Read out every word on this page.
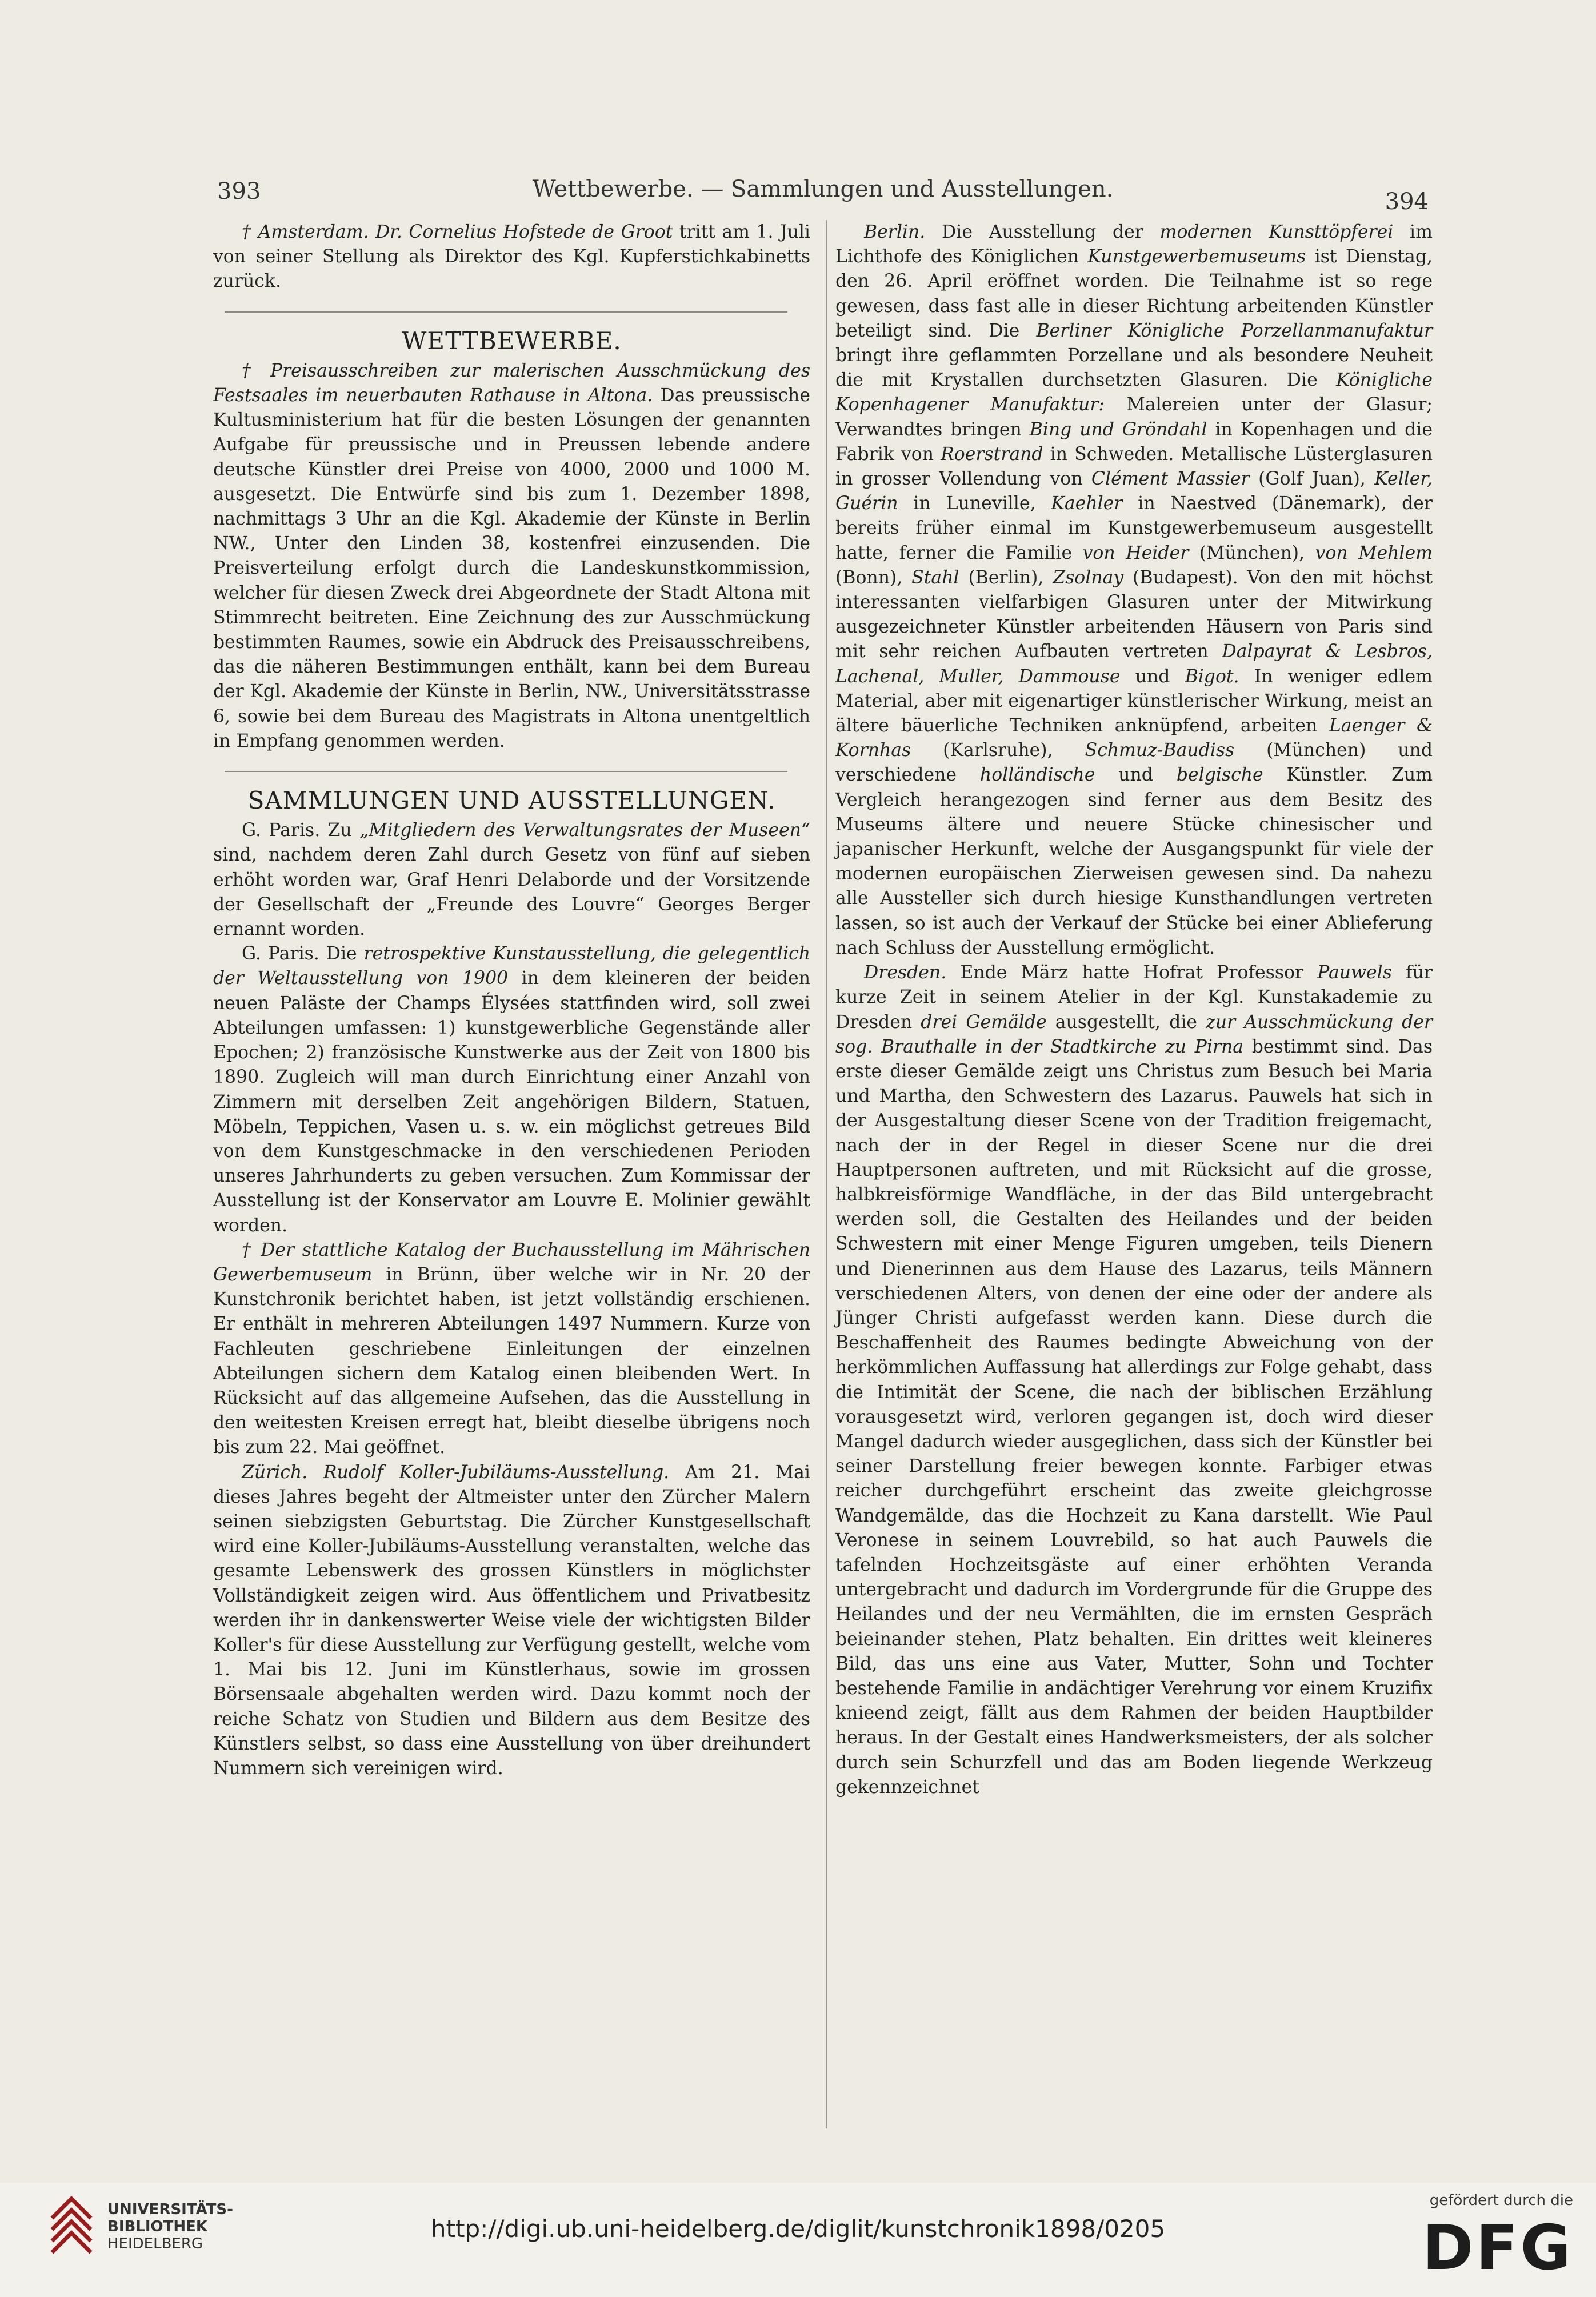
393	Wettbewerbe. — Sammlungen und Ausstellungen.	394

† Amsterdam. Dr. Cornelius Hofstede de Groot tritt am 1. Juli von seiner Stellung als Direktor des Kgl. Kupferstichkabinetts zurück.

WETTBEWERBE.

† Preisausschreiben zur malerischen Ausschmückung des Festsaales im neuerbauten Rathause in Altona. Das preussische Kultusministerium hat für die besten Lösungen der genannten Aufgabe für preussische und in Preussen lebende andere deutsche Künstler drei Preise von 4000, 2000 und 1000 M. ausgesetzt. Die Entwürfe sind bis zum 1. Dezember 1898, nachmittags 3 Uhr an die Kgl. Akademie der Künste in Berlin NW., Unter den Linden 38, kostenfrei einzusenden. Die Preisverteilung erfolgt durch die Landeskunstkommission, welcher für diesen Zweck drei Abgeordnete der Stadt Altona mit Stimmrecht beitreten. Eine Zeichnung des zur Ausschmückung bestimmten Raumes, sowie ein Abdruck des Preisausschreibens, das die näheren Bestimmungen enthält, kann bei dem Bureau der Kgl. Akademie der Künste in Berlin, NW., Universitätsstrasse 6, sowie bei dem Bureau des Magistrats in Altona unentgeltlich in Empfang genommen werden.

SAMMLUNGEN UND AUSSTELLUNGEN.

G. Paris. Zu „Mitgliedern des Verwaltungsrates der Museen“ sind, nachdem deren Zahl durch Gesetz von fünf auf sieben erhöht worden war, Graf Henri Delaborde und der Vorsitzende der Gesellschaft der „Freunde des Louvre“ Georges Berger ernannt worden.

G. Paris. Die retrospektive Kunstausstellung, die gelegentlich der Weltausstellung von 1900 in dem kleineren der beiden neuen Paläste der Champs Élysées stattfinden wird, soll zwei Abteilungen umfassen: 1) kunstgewerbliche Gegenstände aller Epochen; 2) französische Kunstwerke aus der Zeit von 1800 bis 1890. Zugleich will man durch Einrichtung einer Anzahl von Zimmern mit derselben Zeit angehörigen Bildern, Statuen, Möbeln, Teppichen, Vasen u. s. w. ein möglichst getreues Bild von dem Kunstgeschmacke in den verschiedenen Perioden unseres Jahrhunderts zu geben versuchen. Zum Kommissar der Ausstellung ist der Konservator am Louvre E. Molinier gewählt worden.

† Der stattliche Katalog der Buchausstellung im Mährischen Gewerbemuseum in Brünn, über welche wir in Nr. 20 der Kunstchronik berichtet haben, ist jetzt vollständig erschienen. Er enthält in mehreren Abteilungen 1497 Nummern. Kurze von Fachleuten geschriebene Einleitungen der einzelnen Abteilungen sichern dem Katalog einen bleibenden Wert. In Rücksicht auf das allgemeine Aufsehen, das die Ausstellung in den weitesten Kreisen erregt hat, bleibt dieselbe übrigens noch bis zum 22. Mai geöffnet.

Zürich. Rudolf Koller-Jubiläums-Ausstellung. Am 21. Mai dieses Jahres begeht der Altmeister unter den Zürcher Malern seinen siebzigsten Geburtstag. Die Zürcher Kunstgesellschaft wird eine Koller-Jubiläums-Ausstellung veranstalten, welche das gesamte Lebenswerk des grossen Künstlers in möglichster Vollständigkeit zeigen wird. Aus öffentlichem und Privatbesitz werden ihr in dankenswerter Weise viele der wichtigsten Bilder Koller's für diese Ausstellung zur Verfügung gestellt, welche vom 1. Mai bis 12. Juni im Künstlerhaus, sowie im grossen Börsensaale abgehalten werden wird. Dazu kommt noch der reiche Schatz von Studien und Bildern aus dem Besitze des Künstlers selbst, so dass eine Ausstellung von über dreihundert Nummern sich vereinigen wird.

Berlin. Die Ausstellung der modernen Kunsttöpferei im Lichthofe des Königlichen Kunstgewerbemuseums ist Dienstag, den 26. April eröffnet worden. Die Teilnahme ist so rege gewesen, dass fast alle in dieser Richtung arbeitenden Künstler beteiligt sind. Die Berliner Königliche Porzellanmanufaktur bringt ihre geflammten Porzellane und als besondere Neuheit die mit Krystallen durchsetzten Glasuren. Die Königliche Kopenhagener Manufaktur: Malereien unter der Glasur; Verwandtes bringen Bing und Gröndahl in Kopenhagen und die Fabrik von Roerstrand in Schweden. Metallische Lüsterglasuren in grosser Vollendung von Clément Massier (Golf Juan), Keller, Guérin in Luneville, Kaehler in Naestved (Dänemark), der bereits früher einmal im Kunstgewerbemuseum ausgestellt hatte, ferner die Familie von Heider (München), von Mehlem (Bonn), Stahl (Berlin), Zsolnay (Budapest). Von den mit höchst interessanten vielfarbigen Glasuren unter der Mitwirkung ausgezeichneter Künstler arbeitenden Häusern von Paris sind mit sehr reichen Aufbauten vertreten Dalpayrat & Lesbros, Lachenal, Muller, Dammouse und Bigot. In weniger edlem Material, aber mit eigenartiger künstlerischer Wirkung, meist an ältere bäuerliche Techniken anknüpfend, arbeiten Laenger & Kornhas (Karlsruhe), Schmuz-Baudiss (München) und verschiedene holländische und belgische Künstler. Zum Vergleich herangezogen sind ferner aus dem Besitz des Museums ältere und neuere Stücke chinesischer und japanischer Herkunft, welche der Ausgangspunkt für viele der modernen europäischen Zierweisen gewesen sind. Da nahezu alle Aussteller sich durch hiesige Kunsthandlungen vertreten lassen, so ist auch der Verkauf der Stücke bei einer Ablieferung nach Schluss der Ausstellung ermöglicht.

Dresden. Ende März hatte Hofrat Professor Pauwels für kurze Zeit in seinem Atelier in der Kgl. Kunstakademie zu Dresden drei Gemälde ausgestellt, die zur Ausschmückung der sog. Brauthalle in der Stadtkirche zu Pirna bestimmt sind. Das erste dieser Gemälde zeigt uns Christus zum Besuch bei Maria und Martha, den Schwestern des Lazarus. Pauwels hat sich in der Ausgestaltung dieser Scene von der Tradition freigemacht, nach der in der Regel in dieser Scene nur die drei Hauptpersonen auftreten, und mit Rücksicht auf die grosse, halbkreisförmige Wandfläche, in der das Bild untergebracht werden soll, die Gestalten des Heilandes und der beiden Schwestern mit einer Menge Figuren umgeben, teils Dienern und Dienerinnen aus dem Hause des Lazarus, teils Männern verschiedenen Alters, von denen der eine oder der andere als Jünger Christi aufgefasst werden kann. Diese durch die Beschaffenheit des Raumes bedingte Abweichung von der herkömmlichen Auffassung hat allerdings zur Folge gehabt, dass die Intimität der Scene, die nach der biblischen Erzählung vorausgesetzt wird, verloren gegangen ist, doch wird dieser Mangel dadurch wieder ausgeglichen, dass sich der Künstler bei seiner Darstellung freier bewegen konnte. Farbiger etwas reicher durchgeführt erscheint das zweite gleichgrosse Wandgemälde, das die Hochzeit zu Kana darstellt. Wie Paul Veronese in seinem Louvrebild, so hat auch Pauwels die tafelnden Hochzeitsgäste auf einer erhöhten Veranda untergebracht und dadurch im Vordergrunde für die Gruppe des Heilandes und der neu Vermählten, die im ernsten Gespräch beieinander stehen, Platz behalten. Ein drittes weit kleineres Bild, das uns eine aus Vater, Mutter, Sohn und Tochter bestehende Familie in andächtiger Verehrung vor einem Kruzifix knieend zeigt, fällt aus dem Rahmen der beiden Hauptbilder heraus. In der Gestalt eines Handwerksmeisters, der als solcher durch sein Schurzfell und das am Boden liegende Werkzeug gekennzeichnet

UNIVERSITÄTS-
BIBLIOTHEK
HEIDELBERG
http://digi.ub.uni-heidelberg.de/diglit/kunstchronik1898/0205
gefördert durch die
DFG
